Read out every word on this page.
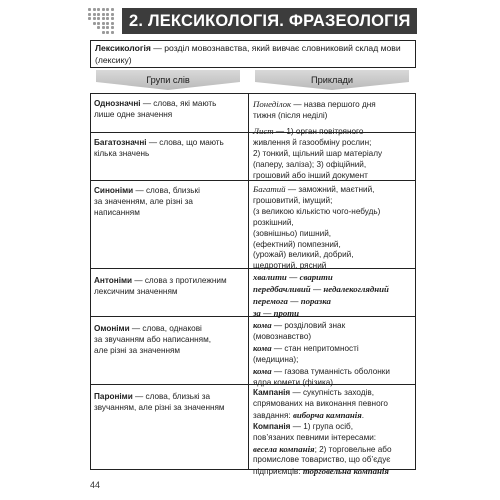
2. ЛЕКСИКОЛОГІЯ. ФРАЗЕОЛОГІЯ
Лексикологія — розділ мовознавства, який вивчає словниковий склад мови
(лексику)
Групи слів	Приклади
Однозначні — слова, які мають
лише одне значення
Понеділок — назва першого дня
тижня (після неділі)
Багатозначні — слова, що мають
кілька значень
Лист — 1) орган повітряного
живлення й газообміну рослин;
2) тонкий, щільний шар матеріалу
(паперу, заліза); 3) офіційний,
грошовий або інший документ
Синоніми — слова, близькі
за значенням, але різні за
написанням
Багатий — заможний, маєтний,
грошовитий, імущий;
(з великою кількістю чого-небудь)
розкішний,
(зовнішньо) пишний,
(ефектний) помпезний,
(урожай) великий, добрий,
щедротний, рясний
Антоніми — слова з протилежним
лексичним значенням
хвалити — сварити
передбачливий — недалекоглядний
перемога — поразка
за — проти
Омоніми — слова, однакові
за звучанням або написанням,
але різні за значенням
кома — розділовий знак
(мовознавство)
кома — стан непритомності
(медицина);
кома — газова туманність оболонки
ядра комети (фізика)
Пароніми — слова, близькі за
звучанням, але різні за значенням
Кампанія — сукупність заходів,
спрямованих на виконання певного
завдання: виборча кампанія.
Компанія — 1) група осіб,
пов’язаних певними інтересами:
весела компанія; 2) торговельне або
промислове товариство, що об’єдує
підприємців: торговельна компанія
44
